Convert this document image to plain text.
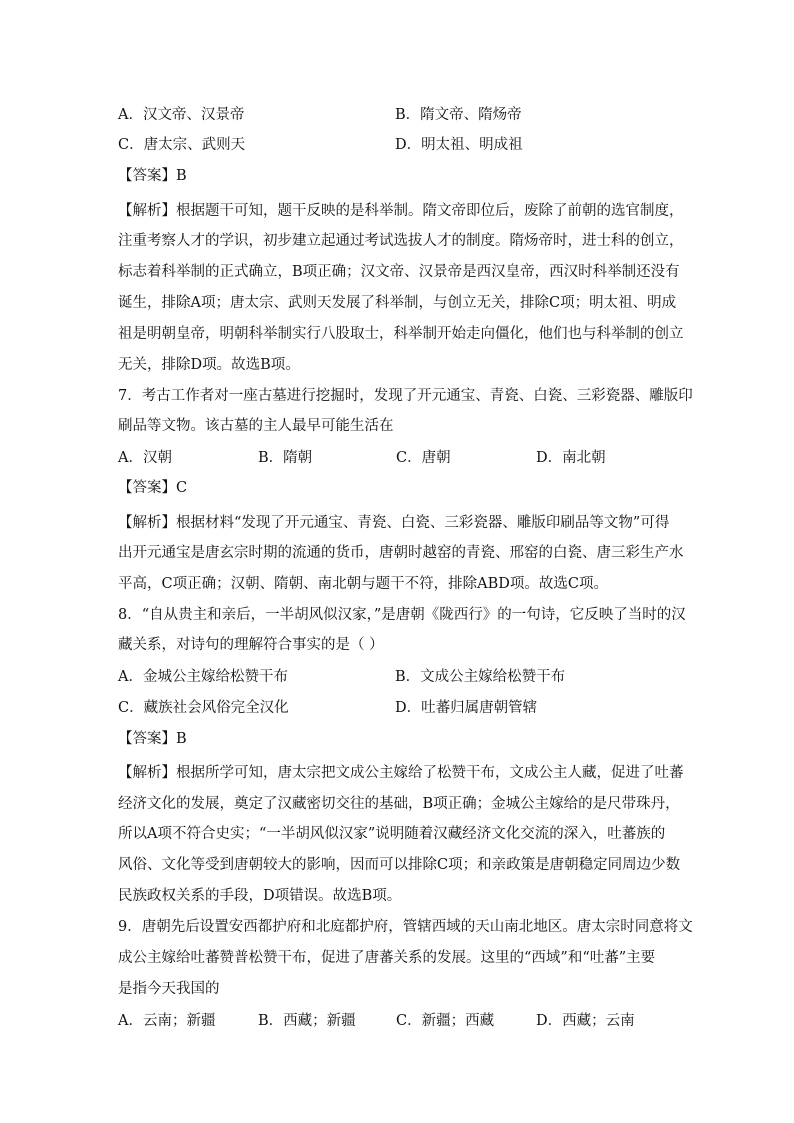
A．汉文帝、汉景帝	B．隋文帝、隋炀帝
C．唐太宗、武则天	D．明太祖、明成祖
【答案】B
【解析】根据题干可知，题干反映的是科举制。隋文帝即位后，废除了前朝的选官制度，
注重考察人才的学识，初步建立起通过考试选拔人才的制度。隋炀帝时，进士科的创立，
标志着科举制的正式确立，B项正确；汉文帝、汉景帝是西汉皇帝，西汉时科举制还没有
诞生，排除A项；唐太宗、武则天发展了科举制，与创立无关，排除C项；明太祖、明成
祖是明朝皇帝，明朝科举制实行八股取士，科举制开始走向僵化，他们也与科举制的创立
无关，排除D项。故选B项。
7．考古工作者对一座古墓进行挖掘时，发现了开元通宝、青瓷、白瓷、三彩瓷器、雕版印
刷品等文物。该古墓的主人最早可能生活在
A．汉朝	B．隋朝	C．唐朝	D．南北朝
【答案】C
【解析】根据材料“发现了开元通宝、青瓷、白瓷、三彩瓷器、雕版印刷品等文物”可得
出开元通宝是唐玄宗时期的流通的货币，唐朝时越窑的青瓷、邢窑的白瓷、唐三彩生产水
平高，C项正确；汉朝、隋朝、南北朝与题干不符，排除ABD项。故选C项。
8．“自从贵主和亲后，一半胡风似汉家，”是唐朝《陇西行》的一句诗，它反映了当时的汉
藏关系，对诗句的理解符合事实的是（ ）
A．金城公主嫁给松赞干布	B．文成公主嫁给松赞干布
C．藏族社会风俗完全汉化	D．吐蕃归属唐朝管辖
【答案】B
【解析】根据所学可知，唐太宗把文成公主嫁给了松赞干布，文成公主人藏，促进了吐蕃
经济文化的发展，奠定了汉藏密切交往的基础，B项正确；金城公主嫁给的是尺带珠丹，
所以A项不符合史实；“一半胡风似汉家”说明随着汉藏经济文化交流的深入，吐蕃族的
风俗、文化等受到唐朝较大的影响，因而可以排除C项；和亲政策是唐朝稳定同周边少数
民族政权关系的手段，D项错误。故选B项。
9．唐朝先后设置安西都护府和北庭都护府，管辖西域的天山南北地区。唐太宗时同意将文
成公主嫁给吐蕃赞普松赞干布，促进了唐蕃关系的发展。这里的“西域”和“吐蕃”主要
是指今天我国的
A．云南；新疆	B．西藏；新疆	C．新疆；西藏	D．西藏；云南
